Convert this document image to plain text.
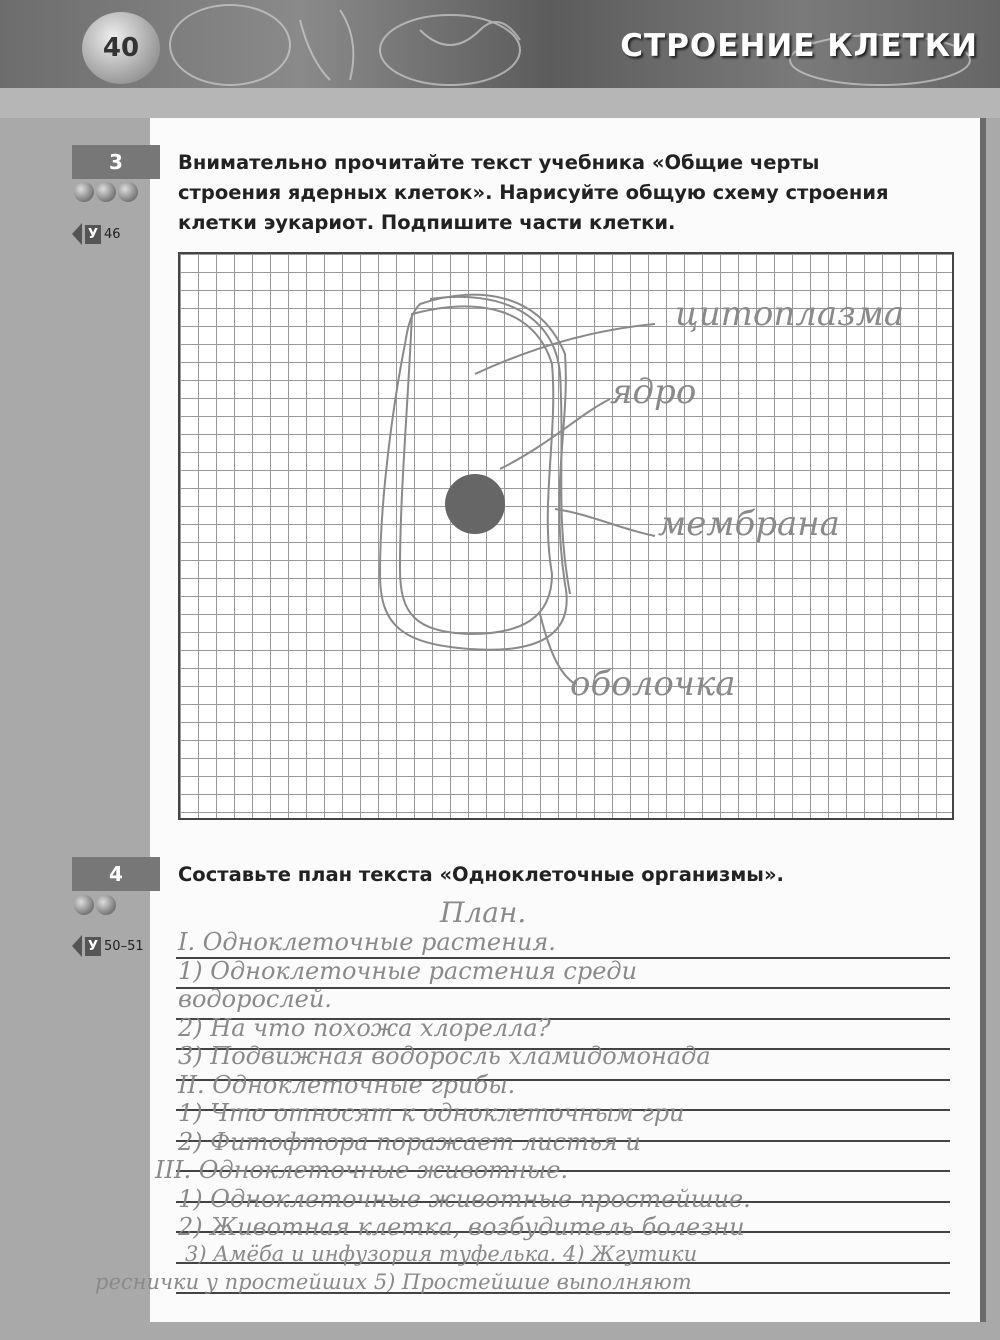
40	СТРОЕНИЕ КЛЕТКИ
3
У 46
Внимательно прочитайте текст учебника «Общие черты строения ядерных клеток». Нарисуйте общую схему строения клетки эукариот. Подпишите части клетки.
цитоплазма
ядро
мембрана
оболочка
4
У 50–51
Составьте план текста «Одноклеточные организмы».
План.
I. Одноклеточные растения.
1) Одноклеточные растения среди
водорослей.
2) На что похожа хлорелла?
3) Подвижная водоросль хламидомонада
II. Одноклеточные грибы.
1) Что относят к одноклеточным гри
2) Фитофтора поражает листья и
III. Одноклеточные животные.
1) Одноклеточные животные простейшие.
2) Животная клетка, возбудитель болезни
3) Амёба и инфузория туфелька. 4) Жгутики
реснички у простейших 5) Простейшие выполняют
